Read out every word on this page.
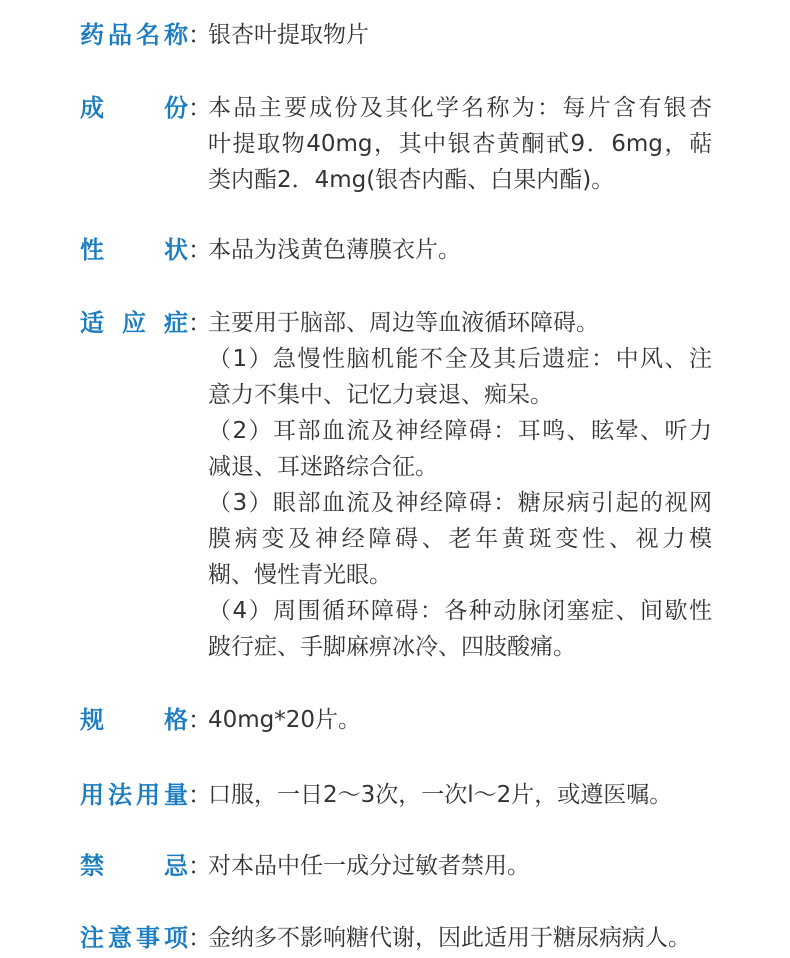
药 品 名 称 ：
银杏叶提取物片
成	份 ：
本品主要成份及其化学名称为：每片含有银杏
叶提取物40mg，其中银杏黄酮甙9．6mg，萜
类内酯2．4mg(银杏内酯、白果内酯)。
性	状 ：
本品为浅黄色薄膜衣片。
适 应 症 ：
主要用于脑部、周边等血液循环障碍。
（1）急慢性脑机能不全及其后遗症：中风、注
意力不集中、记忆力衰退、痴呆。
（2）耳部血流及神经障碍：耳鸣、眩晕、听力
减退、耳迷路综合征。
（3）眼部血流及神经障碍：糖尿病引起的视网
膜病变及神经障碍、老年黄斑变性、视力模
糊、慢性青光眼。
（4）周围循环障碍：各种动脉闭塞症、间歇性
跛行症、手脚麻痹冰冷、四肢酸痛。
规	格 ：
40mg*20片。
用 法 用 量 ：
口服，一日2～3次，一次l～2片，或遵医嘱。
禁	忌 ：
对本品中任一成分过敏者禁用。
注 意 事 项 ：
金纳多不影响糖代谢，因此适用于糖尿病病人。
